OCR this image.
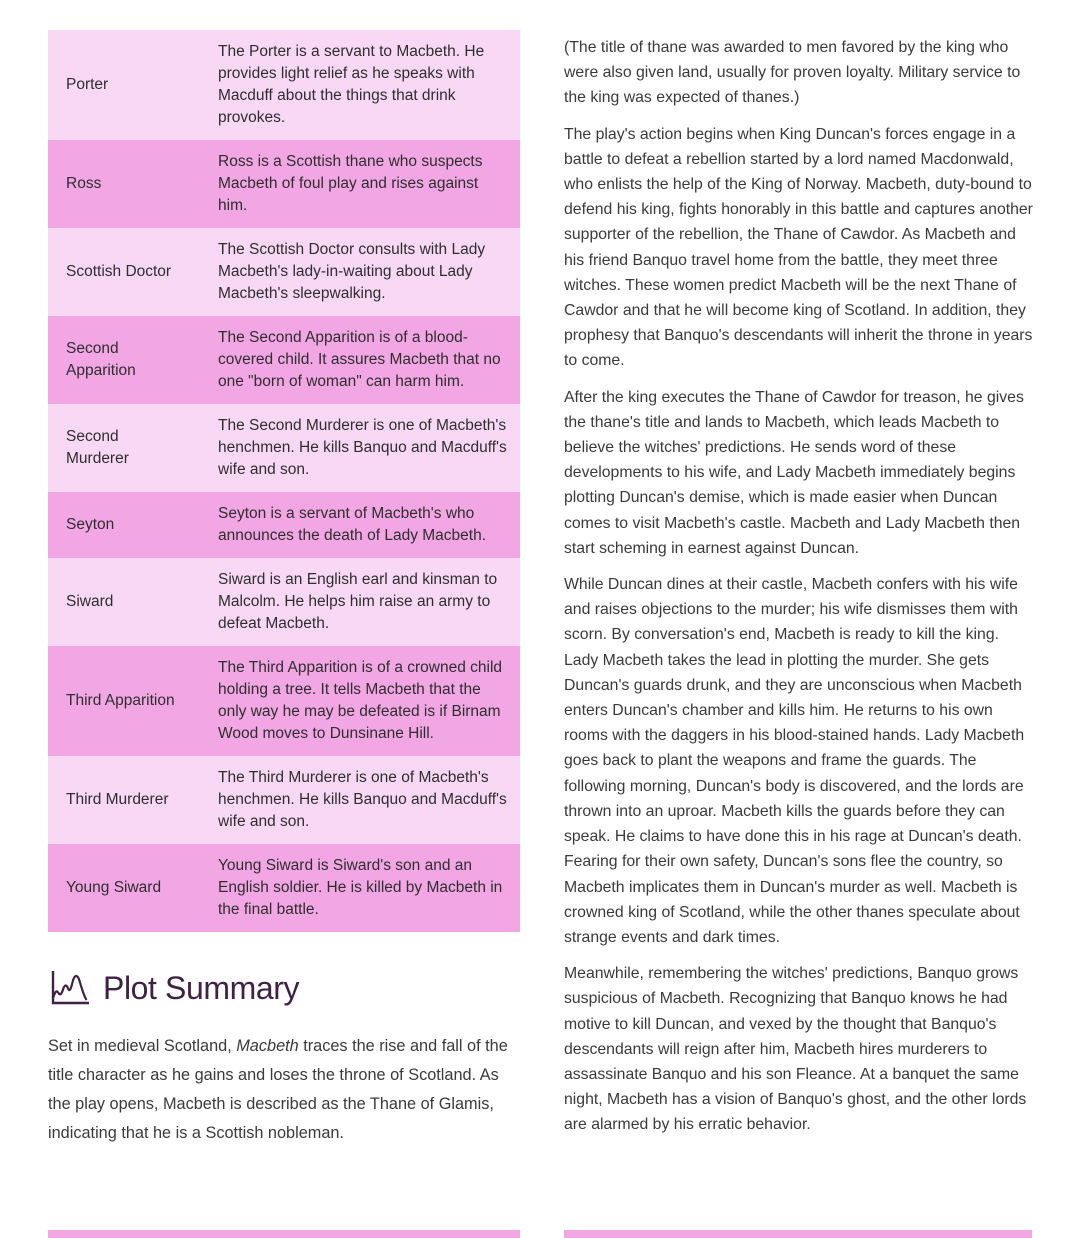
Porter
The Porter is a servant to Macbeth. He provides light relief as he speaks with Macduff about the things that drink provokes.
Ross
Ross is a Scottish thane who suspects Macbeth of foul play and rises against him.
Scottish Doctor
The Scottish Doctor consults with Lady Macbeth's lady-in-waiting about Lady Macbeth's sleepwalking.
Second Apparition
The Second Apparition is of a blood-covered child. It assures Macbeth that no one "born of woman" can harm him.
Second Murderer
The Second Murderer is one of Macbeth's henchmen. He kills Banquo and Macduff's wife and son.
Seyton
Seyton is a servant of Macbeth's who announces the death of Lady Macbeth.
Siward
Siward is an English earl and kinsman to Malcolm. He helps him raise an army to defeat Macbeth.
Third Apparition
The Third Apparition is of a crowned child holding a tree. It tells Macbeth that the only way he may be defeated is if Birnam Wood moves to Dunsinane Hill.
Third Murderer
The Third Murderer is one of Macbeth's henchmen. He kills Banquo and Macduff's wife and son.
Young Siward
Young Siward is Siward's son and an English soldier. He is killed by Macbeth in the final battle.
Plot Summary

Set in medieval Scotland, Macbeth traces the rise and fall of the title character as he gains and loses the throne of Scotland. As the play opens, Macbeth is described as the Thane of Glamis, indicating that he is a Scottish nobleman.

(The title of thane was awarded to men favored by the king who were also given land, usually for proven loyalty. Military service to the king was expected of thanes.)

The play's action begins when King Duncan's forces engage in a battle to defeat a rebellion started by a lord named Macdonwald, who enlists the help of the King of Norway. Macbeth, duty-bound to defend his king, fights honorably in this battle and captures another supporter of the rebellion, the Thane of Cawdor. As Macbeth and his friend Banquo travel home from the battle, they meet three witches. These women predict Macbeth will be the next Thane of Cawdor and that he will become king of Scotland. In addition, they prophesy that Banquo's descendants will inherit the throne in years to come.

After the king executes the Thane of Cawdor for treason, he gives the thane's title and lands to Macbeth, which leads Macbeth to believe the witches' predictions. He sends word of these developments to his wife, and Lady Macbeth immediately begins plotting Duncan's demise, which is made easier when Duncan comes to visit Macbeth's castle. Macbeth and Lady Macbeth then start scheming in earnest against Duncan.

While Duncan dines at their castle, Macbeth confers with his wife and raises objections to the murder; his wife dismisses them with scorn. By conversation's end, Macbeth is ready to kill the king. Lady Macbeth takes the lead in plotting the murder. She gets Duncan's guards drunk, and they are unconscious when Macbeth enters Duncan's chamber and kills him. He returns to his own rooms with the daggers in his blood-stained hands. Lady Macbeth goes back to plant the weapons and frame the guards. The following morning, Duncan's body is discovered, and the lords are thrown into an uproar. Macbeth kills the guards before they can speak. He claims to have done this in his rage at Duncan's death. Fearing for their own safety, Duncan's sons flee the country, so Macbeth implicates them in Duncan's murder as well. Macbeth is crowned king of Scotland, while the other thanes speculate about strange events and dark times.

Meanwhile, remembering the witches' predictions, Banquo grows suspicious of Macbeth. Recognizing that Banquo knows he had motive to kill Duncan, and vexed by the thought that Banquo's descendants will reign after him, Macbeth hires murderers to assassinate Banquo and his son Fleance. At a banquet the same night, Macbeth has a vision of Banquo's ghost, and the other lords are alarmed by his erratic behavior.
